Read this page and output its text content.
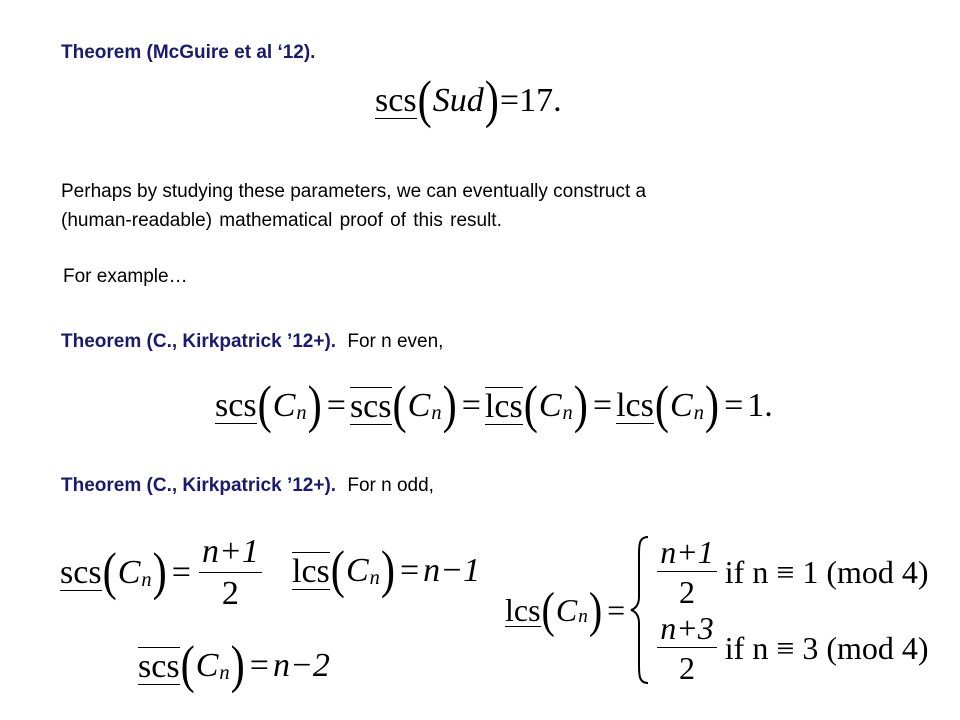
Theorem (McGuire et al ‘12).
scs ( Sud ) = 17.
Perhaps by studying these parameters, we can eventually construct a
(human-readable) mathematical proof of this result.
For example…
Theorem (C., Kirkpatrick ’12+). For n even,
scs ( C n ) = scs ( C n ) = lcs ( C n ) = lcs ( C n ) = 1.
Theorem (C., Kirkpatrick ’12+). For n odd,
scs ( C n ) = $\frac{n+1}{2}$ lcs ( C n ) = n−1
scs ( C n ) = n−2
lcs ( C n ) =
$\frac{n+1}{2}$ if n ≡ 1 (mod 4)
$\frac{n+3}{2}$ if n ≡ 3 (mod 4)
